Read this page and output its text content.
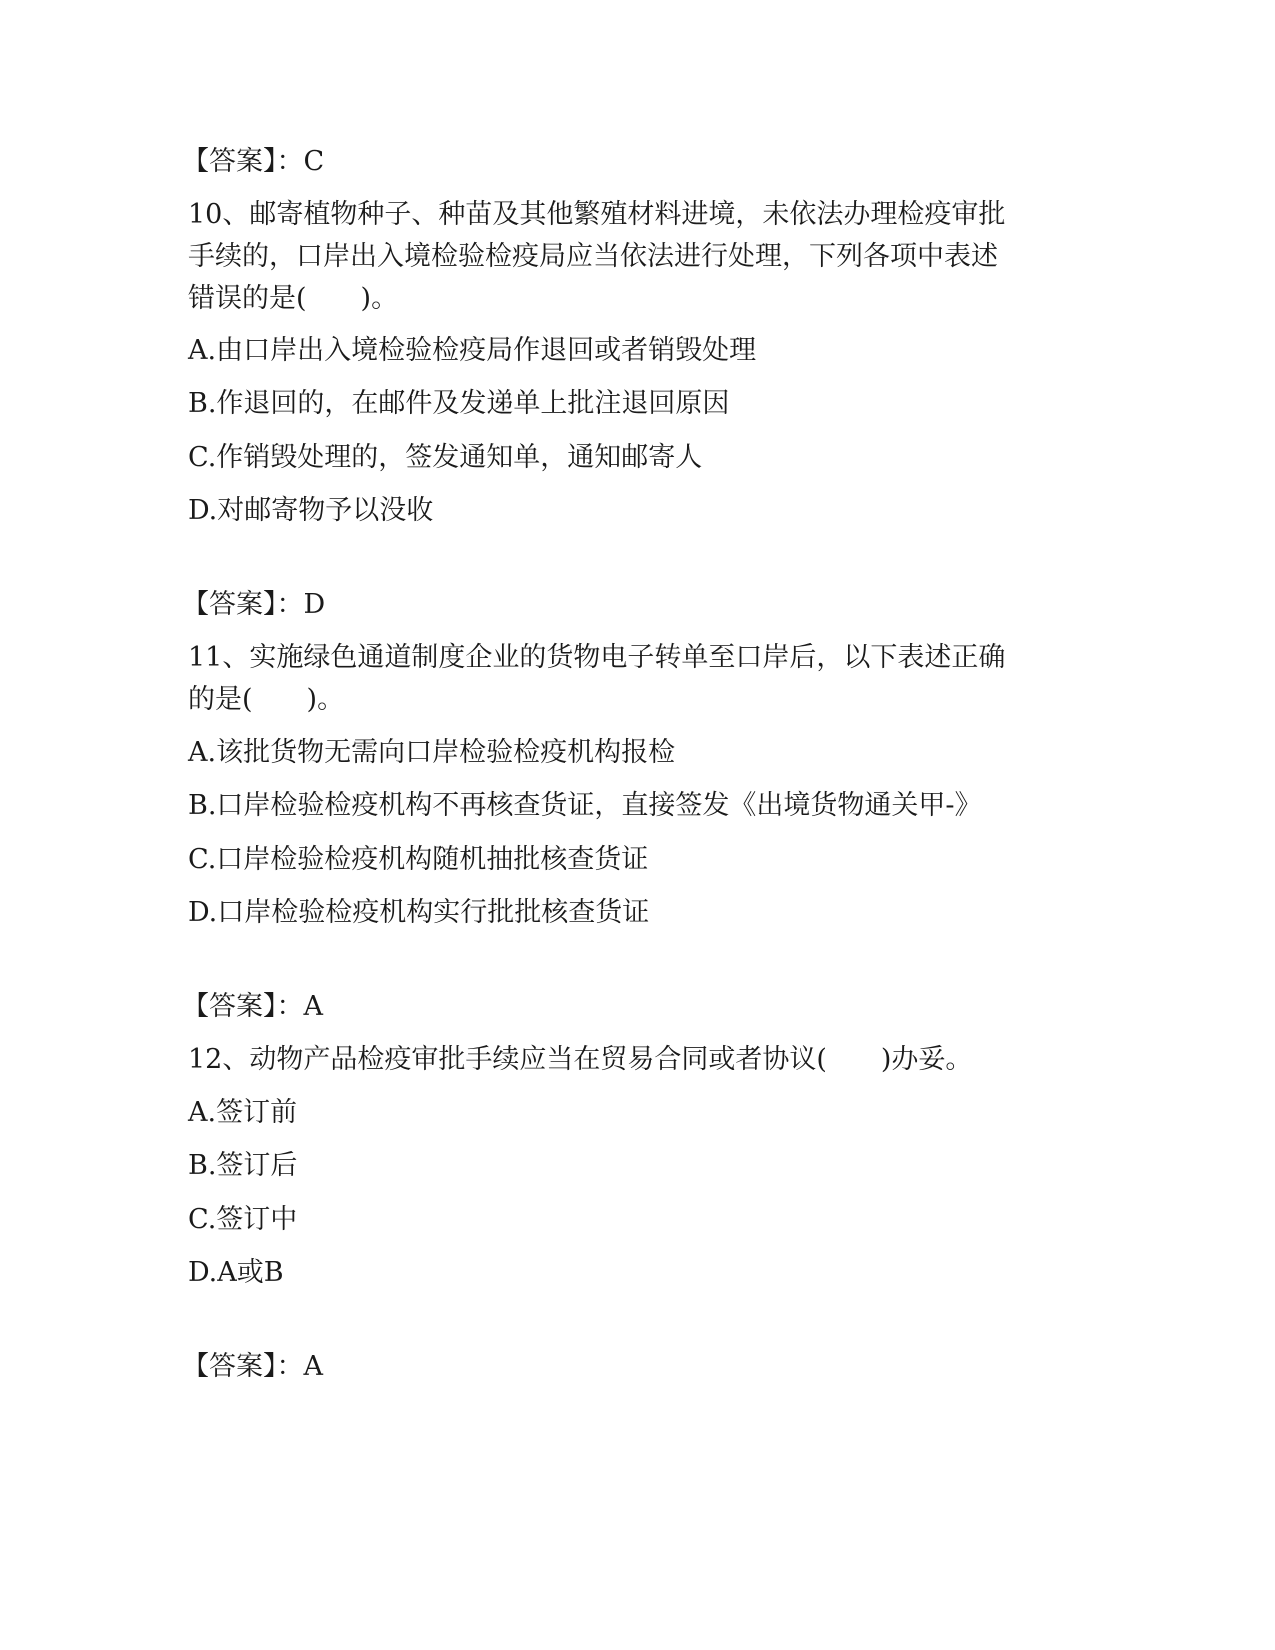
【答案】：C
10、邮寄植物种子、种苗及其他繁殖材料进境，未依法办理检疫审批
手续的，口岸出入境检验检疫局应当依法进行处理，下列各项中表述
错误的是(　　)。
A.由口岸出入境检验检疫局作退回或者销毁处理
B.作退回的，在邮件及发递单上批注退回原因
C.作销毁处理的，签发通知单，通知邮寄人
D.对邮寄物予以没收
【答案】：D
11、实施绿色通道制度企业的货物电子转单至口岸后，以下表述正确
的是(　　)。
A.该批货物无需向口岸检验检疫机构报检
B.口岸检验检疫机构不再核查货证，直接签发《出境货物通关甲-》
C.口岸检验检疫机构随机抽批核查货证
D.口岸检验检疫机构实行批批核查货证
【答案】：A
12、动物产品检疫审批手续应当在贸易合同或者协议(　　)办妥。
A.签订前
B.签订后
C.签订中
D.A或B
【答案】：A
